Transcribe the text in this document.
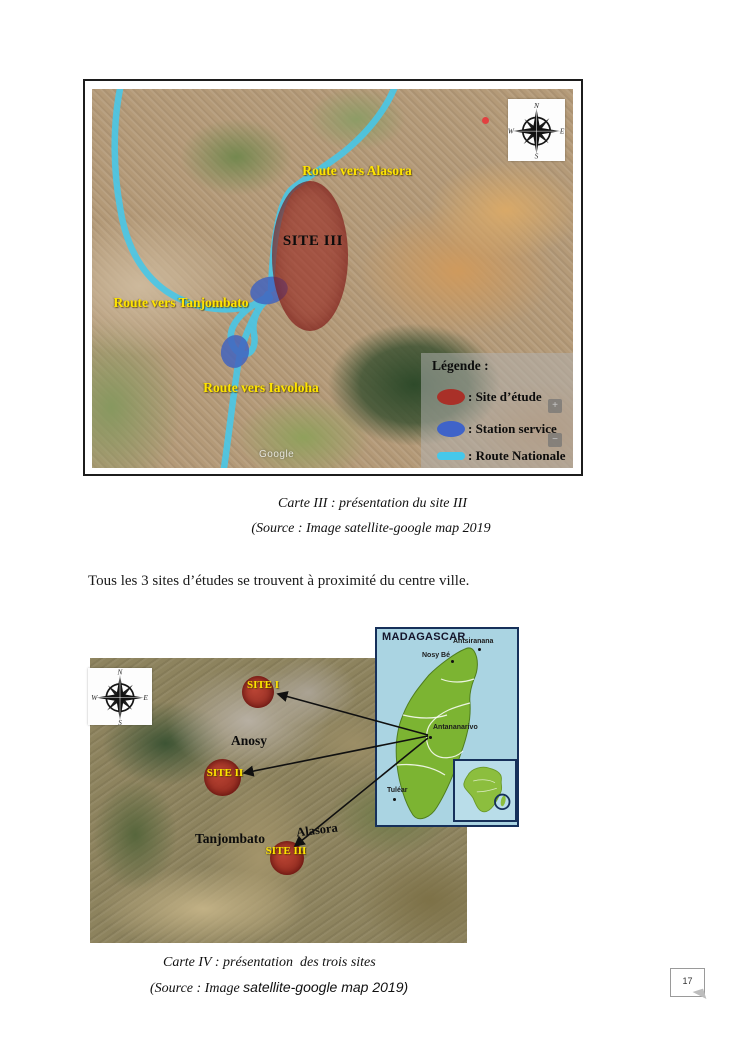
Route vers Alasora
SITE III
Route vers Tanjombato
Route vers Iavoloha
Google
N
S
W	E
Légende :
: Site d’étude
: Station service
: Route Nationale
Carte III : présentation du site III
(Source : Image satellite-google map 2019
Tous les 3 sites d’études se trouvent à proximité du centre ville.
N
S
W	E
SITE I
Anosy
SITE II
Tanjombato Alasora
SITE III
MADAGASCAR
Antsiranana
Nosy Bé
Antananarivo
Tuléar
Carte IV : présentation  des trois sites
(Source : Image satellite-google map 2019)	17
